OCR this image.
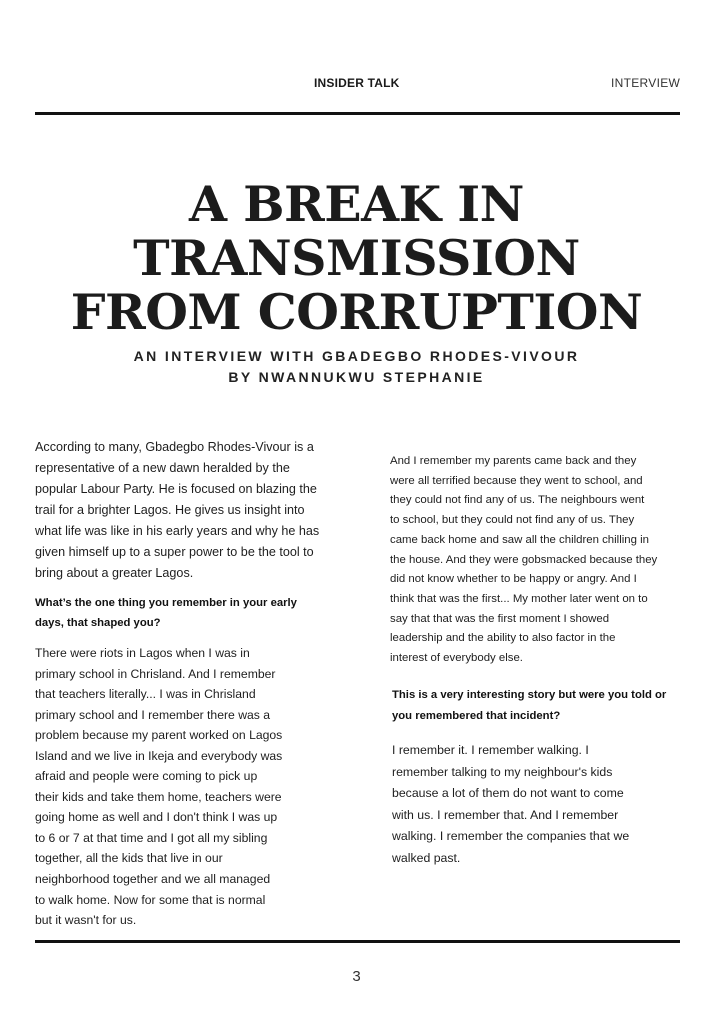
INSIDER TALK	INTERVIEW
A BREAK IN
TRANSMISSION
FROM CORRUPTION
AN INTERVIEW WITH GBADEGBO RHODES-VIVOUR
BY NWANNUKWU STEPHANIE
According to many, Gbadegbo Rhodes-Vivour is a
representative of a new dawn heralded by the
popular Labour Party. He is focused on blazing the
trail for a brighter Lagos. He gives us insight into
what life was like in his early years and why he has
given himself up to a super power to be the tool to
bring about a greater Lagos.
What’s the one thing you remember in your early
days, that shaped you?
There were riots in Lagos when I was in
primary school in Chrisland. And I remember
that teachers literally... I was in Chrisland
primary school and I remember there was a
problem because my parent worked on Lagos
Island and we live in Ikeja and everybody was
afraid and people were coming to pick up
their kids and take them home, teachers were
going home as well and I don't think I was up
to 6 or 7 at that time and I got all my sibling
together, all the kids that live in our
neighborhood together and we all managed
to walk home. Now for some that is normal
but it wasn't for us.
And I remember my parents came back and they
were all terrified because they went to school, and
they could not find any of us. The neighbours went
to school, but they could not find any of us. They
came back home and saw all the children chilling in
the house. And they were gobsmacked because they
did not know whether to be happy or angry. And I
think that was the first... My mother later went on to
say that that was the first moment I showed
leadership and the ability to also factor in the
interest of everybody else.
This is a very interesting story but were you told or
you remembered that incident?
I remember it. I remember walking. I
remember talking to my neighbour's kids
because a lot of them do not want to come
with us. I remember that. And I remember
walking. I remember the companies that we
walked past.
3
